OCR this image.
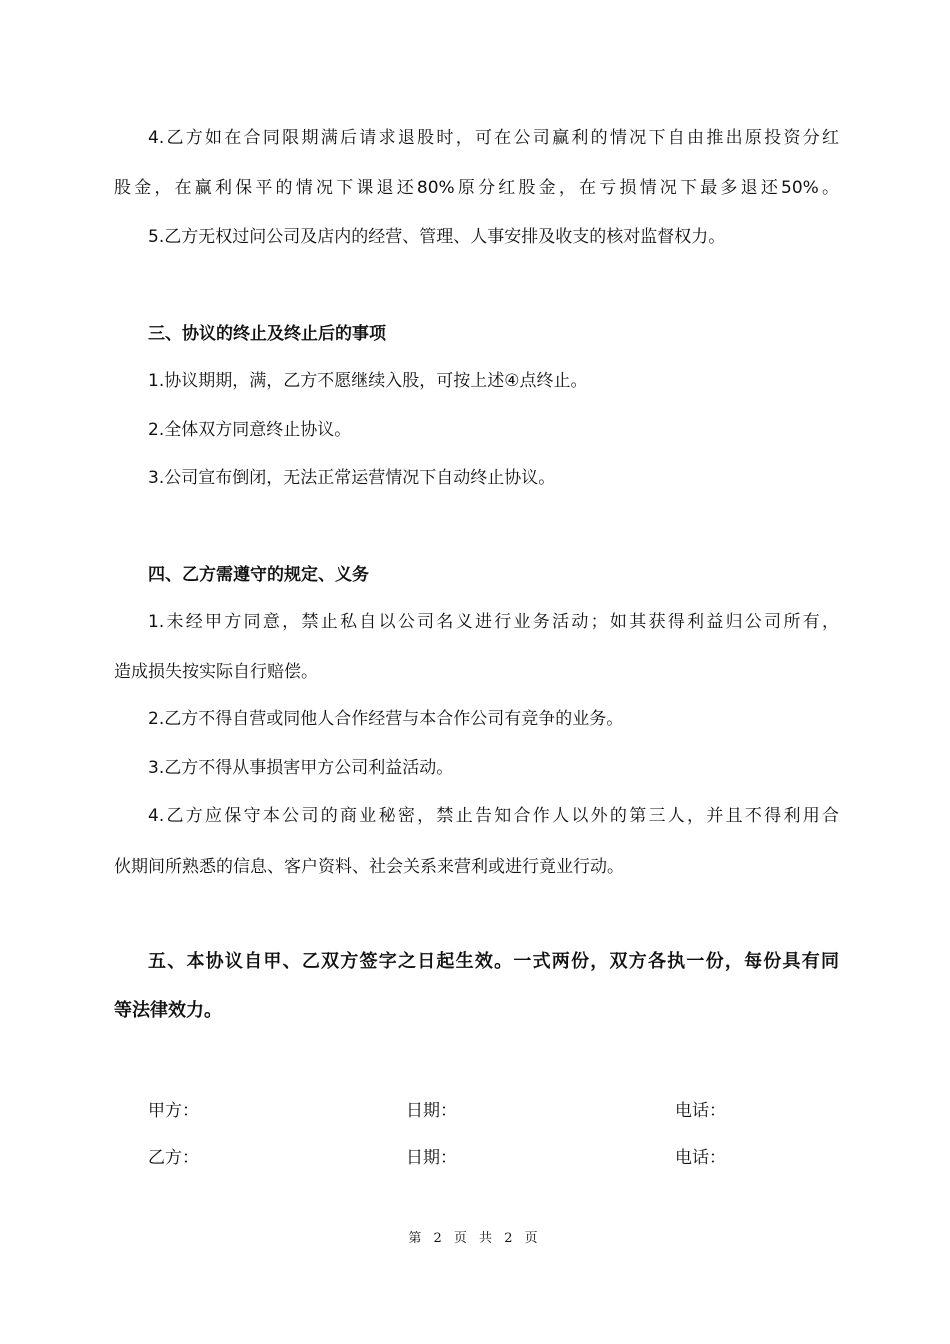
4.乙方如在合同限期满后请求退股时，可在公司赢利的情况下自由推出原投资分红
股金，在赢利保平的情况下课退还80%原分红股金，在亏损情况下最多退还50%。
5.乙方无权过问公司及店内的经营、管理、人事安排及收支的核对监督权力。
三、协议的终止及终止后的事项
1.协议期期，满，乙方不愿继续入股，可按上述④点终止。
2.全体双方同意终止协议。
3.公司宣布倒闭，无法正常运营情况下自动终止协议。
四、乙方需遵守的规定、义务
1.未经甲方同意，禁止私自以公司名义进行业务活动；如其获得利益归公司所有，
造成损失按实际自行赔偿。
2.乙方不得自营或同他人合作经营与本合作公司有竞争的业务。
3.乙方不得从事损害甲方公司利益活动。
4.乙方应保守本公司的商业秘密，禁止告知合作人以外的第三人，并且不得利用合
伙期间所熟悉的信息、客户资料、社会关系来营利或进行竟业行动。
五、本协议自甲、乙双方签字之日起生效。一式两份，双方各执一份，每份具有同
等法律效力。
甲方：	日期：	电话：
乙方：	日期：	电话：
第 2 页 共 2 页
